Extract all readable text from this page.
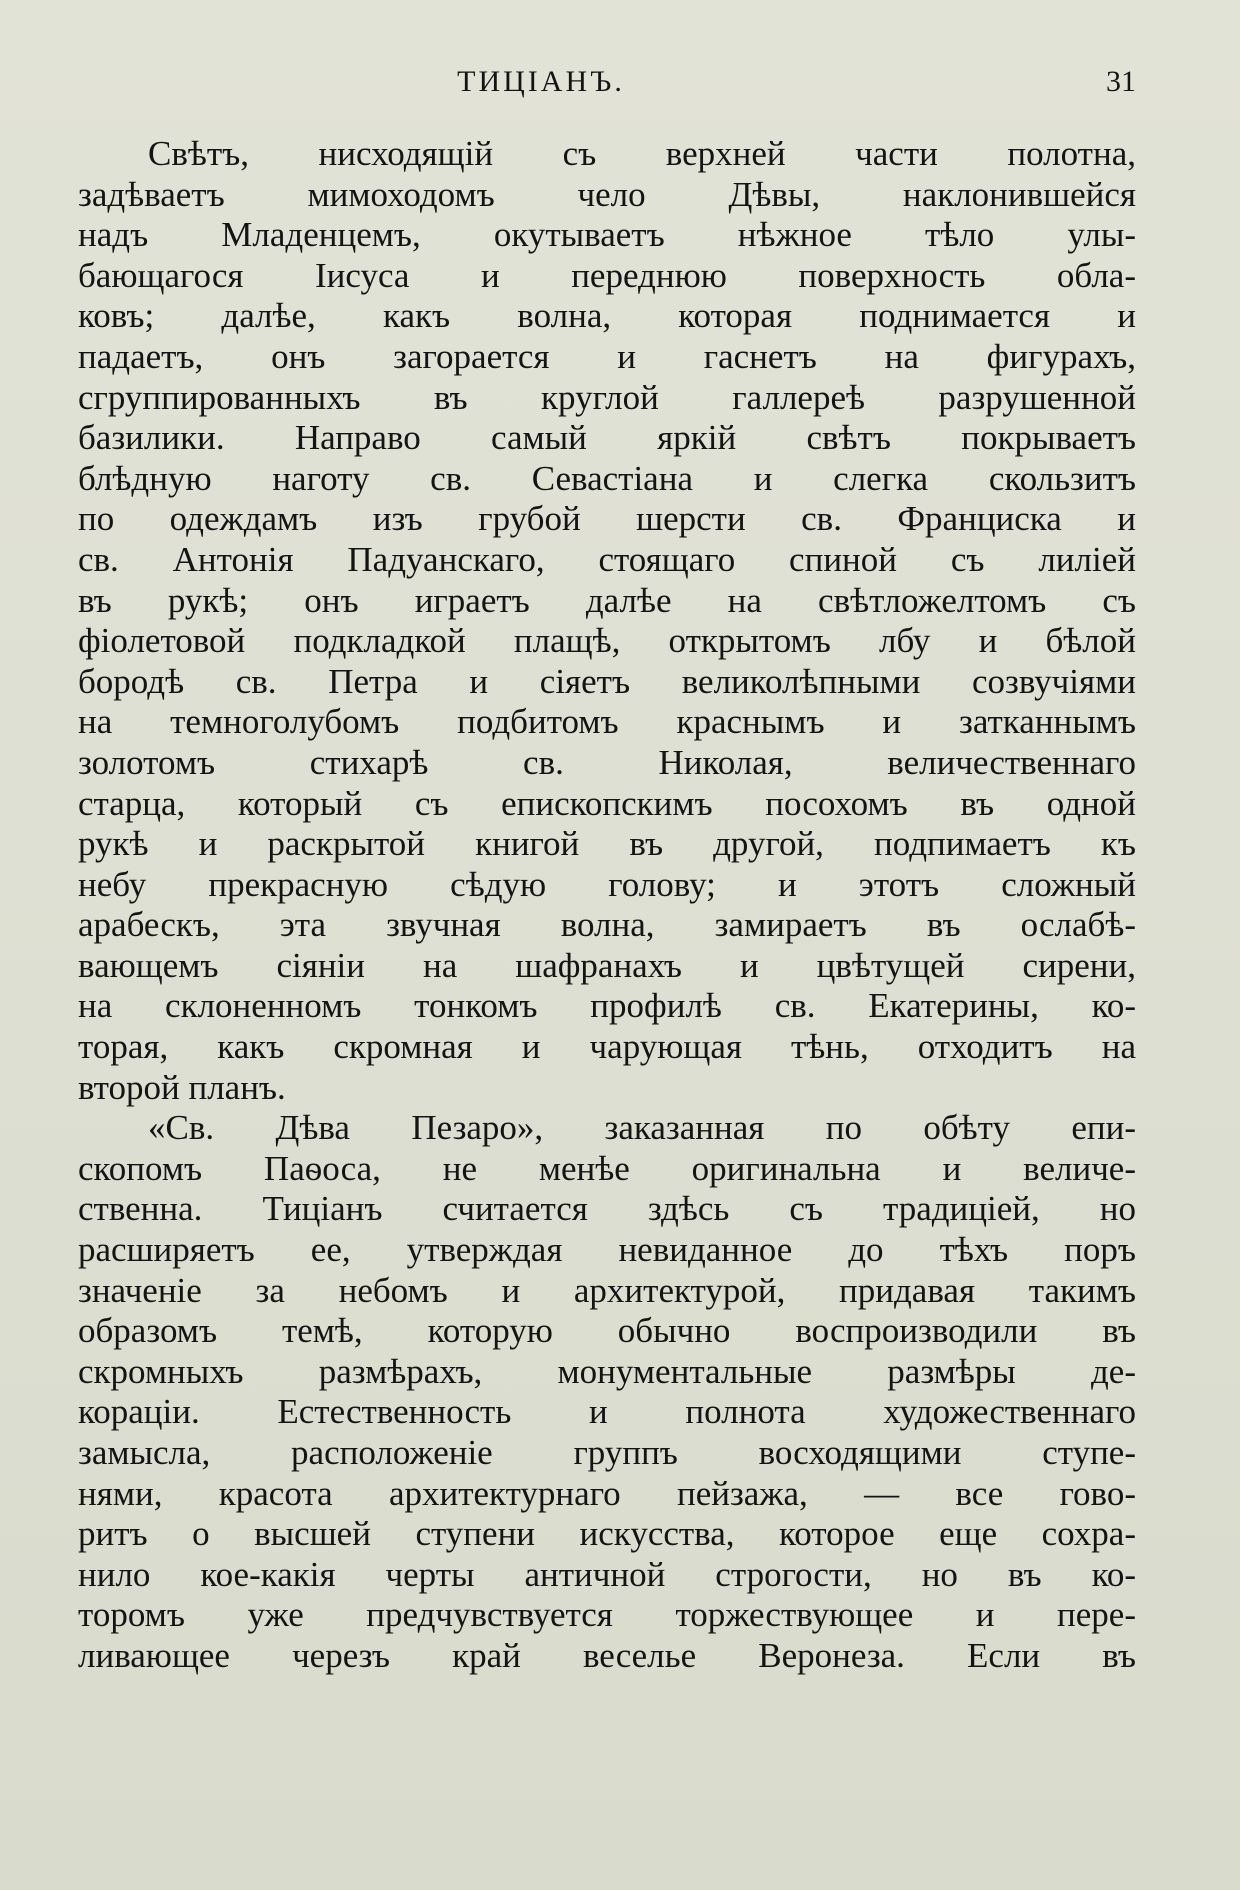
ТИЦІАНЪ.	31
Свѣтъ, нисходящій съ верхней части полотна,
задѣваетъ мимоходомъ чело Дѣвы, наклонившейся
надъ Младенцемъ, окутываетъ нѣжное тѣло улы-
бающагося Іисуса и переднюю поверхность обла-
ковъ; далѣе, какъ волна, которая поднимается и
падаетъ, онъ загорается и гаснетъ на фигурахъ,
сгруппированныхъ въ круглой галлереѣ разрушенной
базилики. Направо самый яркій свѣтъ покрываетъ
блѣдную наготу св. Севастіана и слегка скользитъ
по одеждамъ изъ грубой шерсти св. Франциска и
св. Антонія Падуанскаго, стоящаго спиной съ лиліей
въ рукѣ; онъ играетъ далѣе на свѣтложелтомъ съ
фіолетовой подкладкой плащѣ, открытомъ лбу и бѣлой
бородѣ св. Петра и сіяетъ великолѣпными созвучіями
на темноголубомъ подбитомъ краснымъ и затканнымъ
золотомъ стихарѣ св. Николая, величественнаго
старца, который съ епископскимъ посохомъ въ одной
рукѣ и раскрытой книгой въ другой, подпимаетъ къ
небу прекрасную сѣдую голову; и этотъ сложный
арабескъ, эта звучная волна, замираетъ въ ослабѣ-
вающемъ сіяніи на шафранахъ и цвѣтущей сирени,
на склоненномъ тонкомъ профилѣ св. Екатерины, ко-
торая, какъ скромная и чарующая тѣнь, отходитъ на
второй планъ.
«Св. Дѣва Пезаро», заказанная по обѣту епи-
скопомъ Паѳоса, не менѣе оригинальна и величе-
ственна. Тиціанъ считается здѣсь съ традиціей, но
расширяетъ ее, утверждая невиданное до тѣхъ поръ
значеніе за небомъ и архитектурой, придавая такимъ
образомъ темѣ, которую обычно воспроизводили въ
скромныхъ размѣрахъ, монументальные размѣры де-
кораціи. Естественность и полнота художественнаго
замысла, расположеніе группъ восходящими ступе-
нями, красота архитектурнаго пейзажа, — все гово-
ритъ о высшей ступени искусства, которое еще сохра-
нило кое-какія черты античной строгости, но въ ко-
торомъ уже предчувствуется торжествующее и пере-
ливающее черезъ край веселье Веронеза. Если въ
